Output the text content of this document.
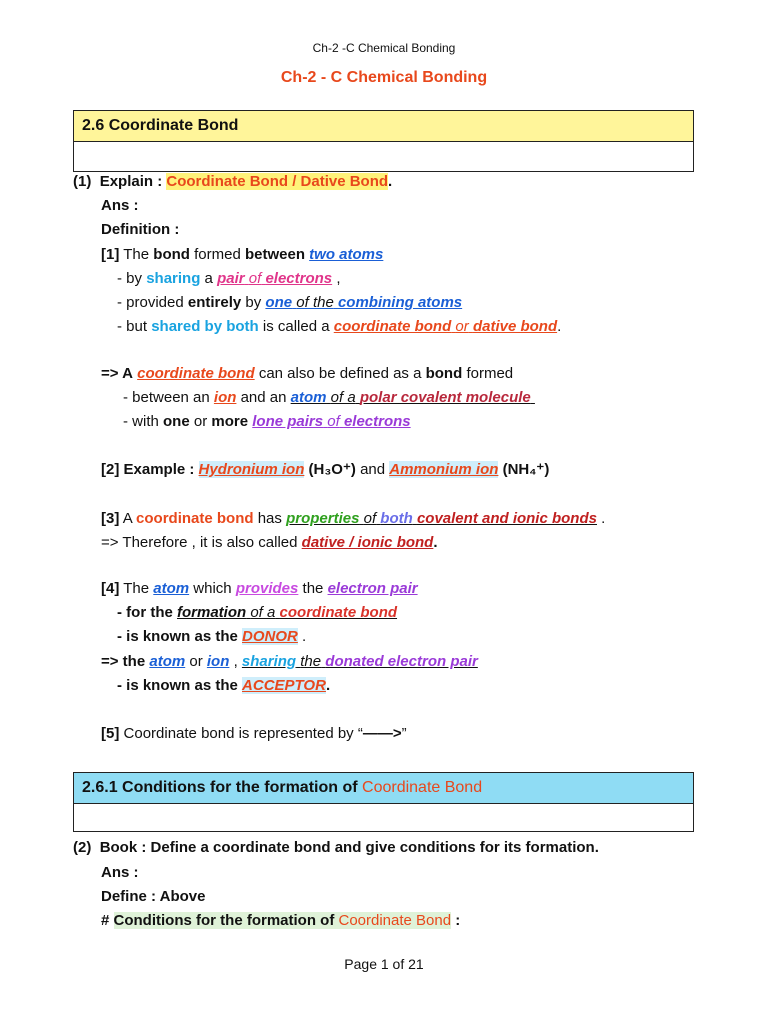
Ch-2 -C Chemical Bonding
Ch-2 - C Chemical Bonding
2.6 Coordinate Bond
(1) Explain : Coordinate Bond / Dative Bond.
Ans :
Definition :
[1] The bond formed between two atoms
- by sharing a pair of electrons ,
- provided entirely by one of the combining atoms
- but shared by both is called a coordinate bond or dative bond.
=> A coordinate bond can also be defined as a bond formed
- between an ion and an atom of a polar covalent molecule
- with one or more lone pairs of electrons
[2] Example : Hydronium ion (H₃O⁺) and Ammonium ion (NH₄⁺)
[3] A coordinate bond has properties of both covalent and ionic bonds .
=> Therefore , it is also called dative / ionic bond.
[4] The atom which provides the electron pair
- for the formation of a coordinate bond
- is known as the DONOR .
=> the atom or ion , sharing the donated electron pair
- is known as the ACCEPTOR.
[5] Coordinate bond is represented by “——>”
2.6.1 Conditions for the formation of Coordinate Bond
(2) Book : Define a coordinate bond and give conditions for its formation.
Ans :
Define : Above
# Conditions for the formation of Coordinate Bond :
Page 1 of 21
